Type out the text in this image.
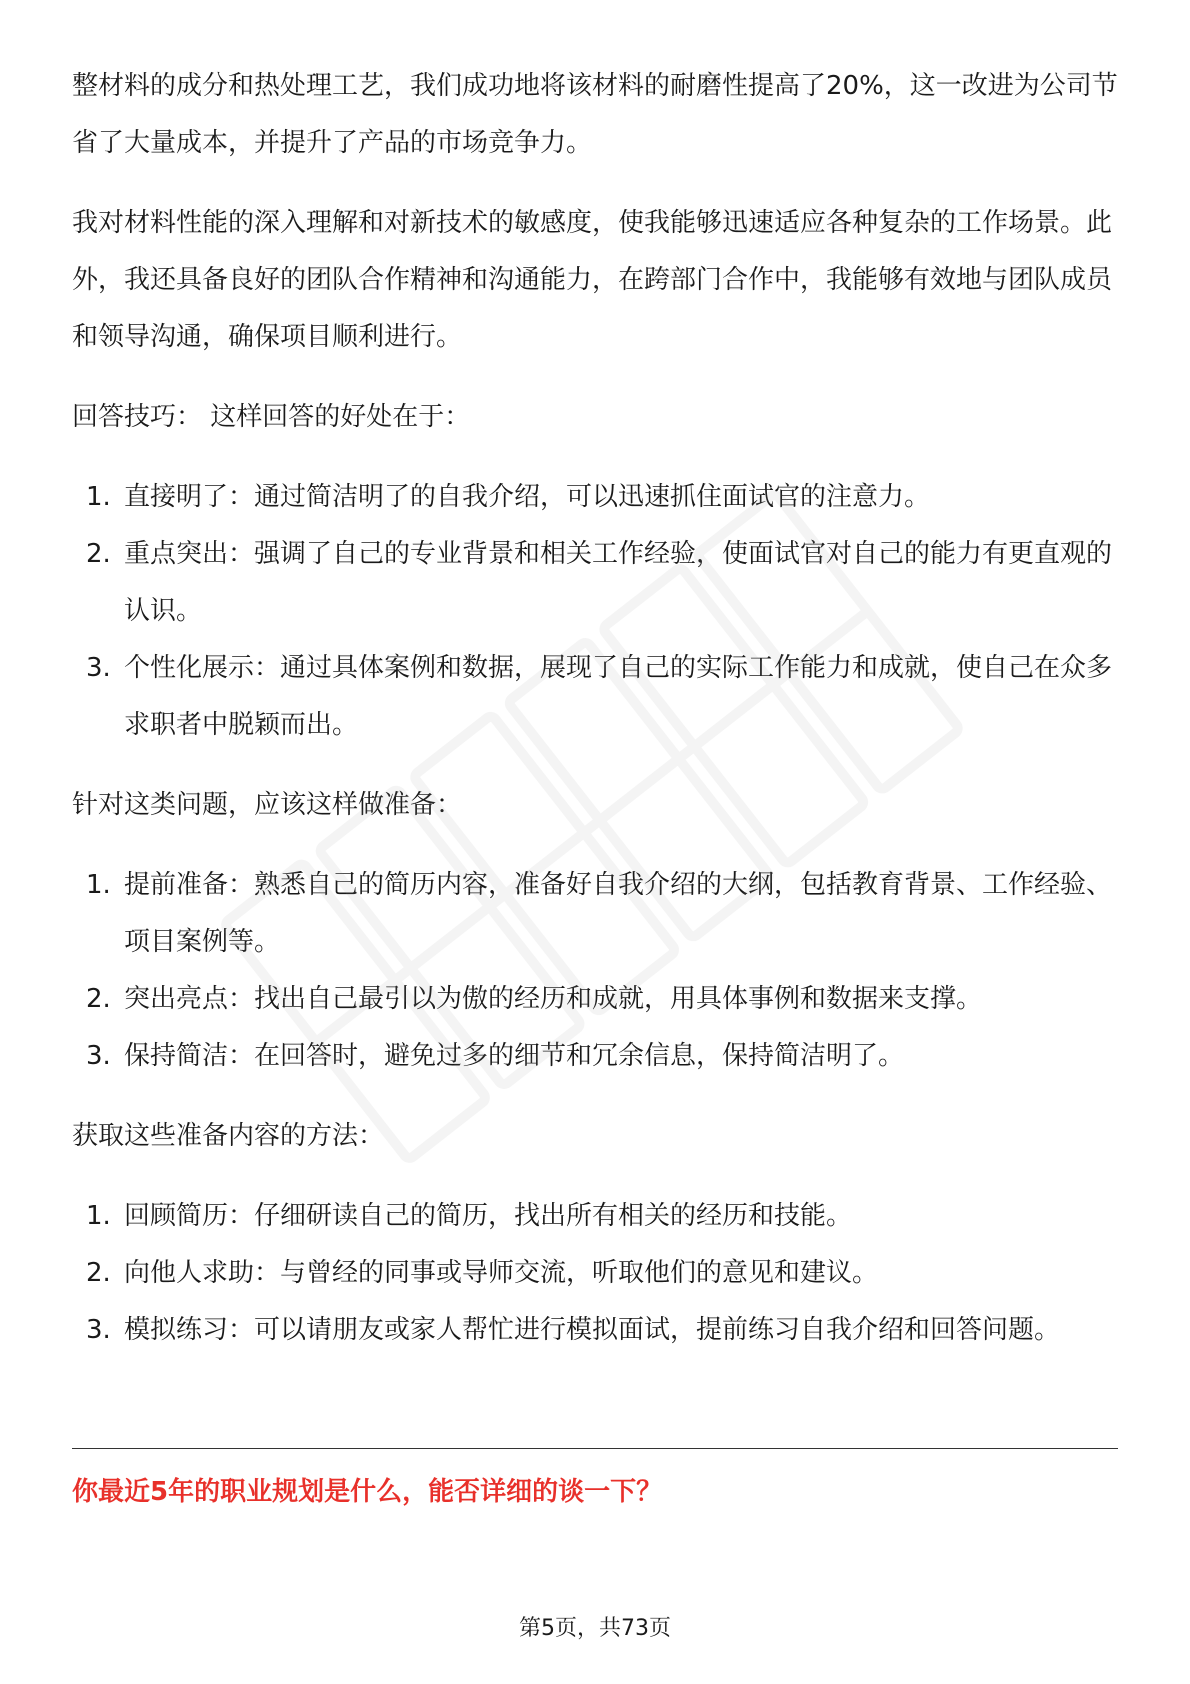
整材料的成分和热处理工艺，我们成功地将该材料的耐磨性提高了20%，这一改进为公司节省了大量成本，并提升了产品的市场竞争力。

我对材料性能的深入理解和对新技术的敏感度，使我能够迅速适应各种复杂的工作场景。此外，我还具备良好的团队合作精神和沟通能力，在跨部门合作中，我能够有效地与团队成员和领导沟通，确保项目顺利进行。

回答技巧： 这样回答的好处在于：

1. 直接明了：通过简洁明了的自我介绍，可以迅速抓住面试官的注意力。
2. 重点突出：强调了自己的专业背景和相关工作经验，使面试官对自己的能力有更直观的认识。
3. 个性化展示：通过具体案例和数据，展现了自己的实际工作能力和成就，使自己在众多求职者中脱颖而出。

针对这类问题，应该这样做准备：

1. 提前准备：熟悉自己的简历内容，准备好自我介绍的大纲，包括教育背景、工作经验、项目案例等。
2. 突出亮点：找出自己最引以为傲的经历和成就，用具体事例和数据来支撑。
3. 保持简洁：在回答时，避免过多的细节和冗余信息，保持简洁明了。

获取这些准备内容的方法：

1. 回顾简历：仔细研读自己的简历，找出所有相关的经历和技能。
2. 向他人求助：与曾经的同事或导师交流，听取他们的意见和建议。
3. 模拟练习：可以请朋友或家人帮忙进行模拟面试，提前练习自我介绍和回答问题。
你最近5年的职业规划是什么，能否详细的谈一下？
第5页，共73页
